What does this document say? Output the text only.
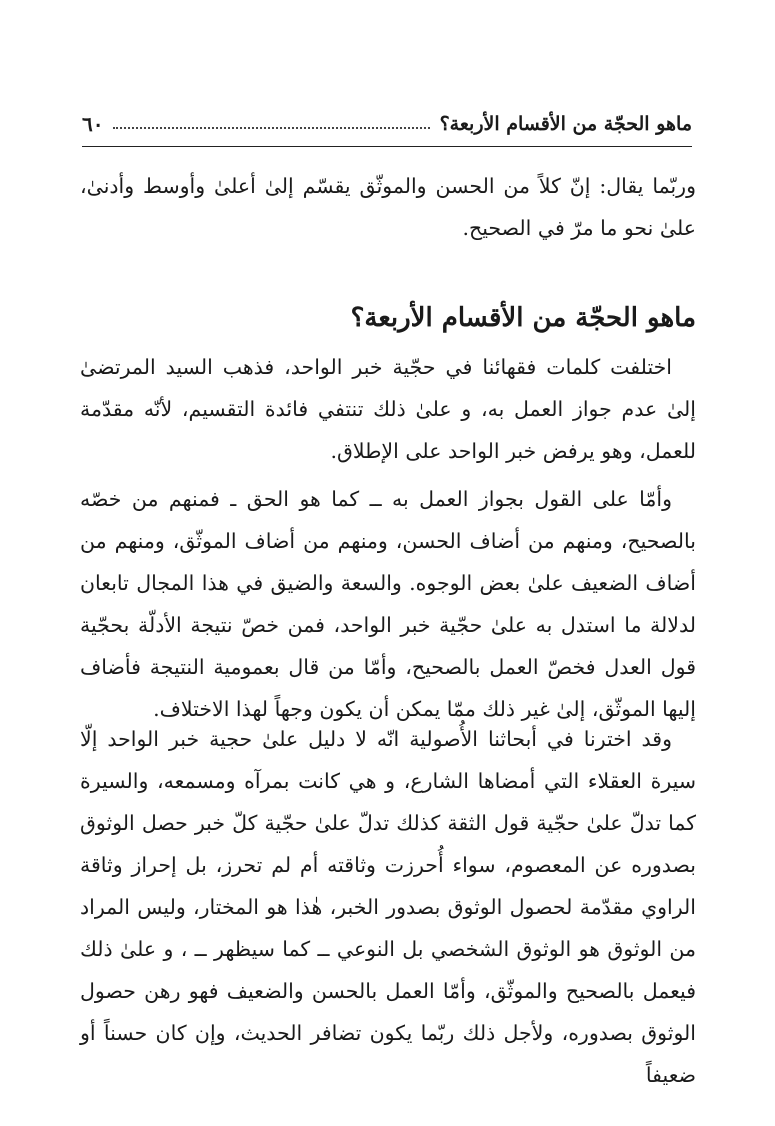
ماهو الحجّة من الأقسام الأربعة؟
٦٠

وربّما يقال: إنّ كلاً من الحسن والموثّق يقسّم إلىٰ أعلىٰ وأوسط وأدنىٰ، علىٰ نحو ما مرّ في الصحيح.

ماهو الحجّة من الأقسام الأربعة؟

اختلفت كلمات فقهائنا في حجّية خبر الواحد، فذهب السيد المرتضىٰ إلىٰ عدم جواز العمل به، و علىٰ ذلك تنتفي فائدة التقسيم، لأنّه مقدّمة للعمل، وهو يرفض خبر الواحد على الإطلاق.

وأمّا على القول بجواز العمل به ــ كما هو الحق ـ فمنهم من خصّه بالصحيح، ومنهم من أضاف الحسن، ومنهم من أضاف الموثّق، ومنهم من أضاف الضعيف علىٰ بعض الوجوه. والسعة والضيق في هذا المجال تابعان لدلالة ما استدل به علىٰ حجّية خبر الواحد، فمن خصّ نتيجة الأدلّة بحجّية قول العدل فخصّ العمل بالصحيح، وأمّا من قال بعمومية النتيجة فأضاف إليها الموثّق، إلىٰ غير ذلك ممّا يمكن أن يكون وجهاً لهذا الاختلاف.

وقد اخترنا في أبحاثنا الأُصولية انّه لا دليل علىٰ حجية خبر الواحد إلّا سيرة العقلاء التي أمضاها الشارع، و هي كانت بمرآه ومسمعه، والسيرة كما تدلّ علىٰ حجّية قول الثقة كذلك تدلّ علىٰ حجّية كلّ خبر حصل الوثوق بصدوره عن المعصوم، سواء أُحرزت وثاقته أم لم تحرز، بل إحراز وثاقة الراوي مقدّمة لحصول الوثوق بصدور الخبر، هٰذا هو المختار، وليس المراد من الوثوق هو الوثوق الشخصي بل النوعي ــ كما سيظهر ــ ، و علىٰ ذلك فيعمل بالصحيح والموثّق، وأمّا العمل بالحسن والضعيف فهو رهن حصول الوثوق بصدوره، ولأجل ذلك ربّما يكون تضافر الحديث، وإن كان حسناً أو ضعيفاً
